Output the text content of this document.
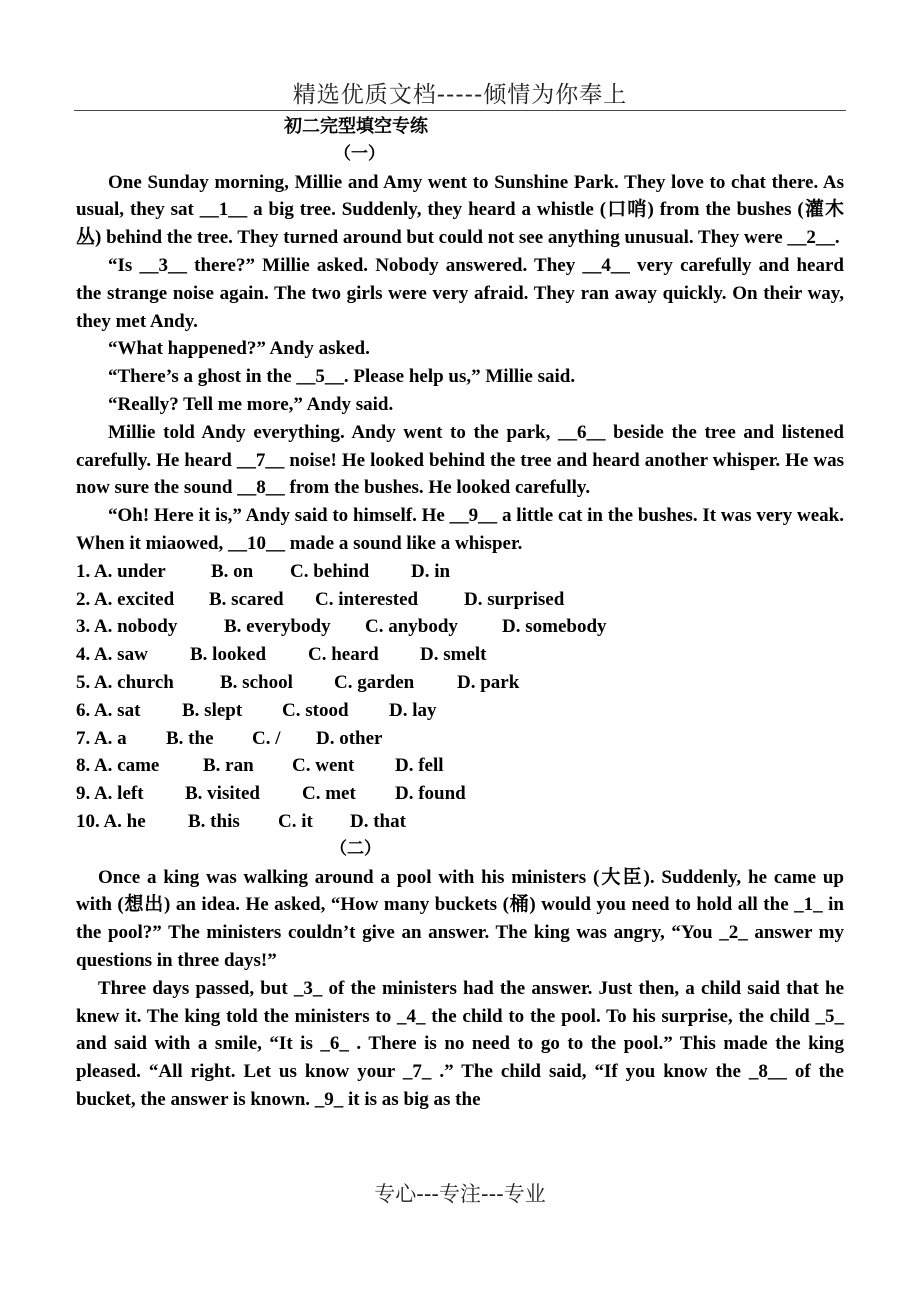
精选优质文档-----倾情为你奉上
初二完型填空专练
（一）

One Sunday morning, Millie and Amy went to Sunshine Park. They love to chat there. As usual, they sat __1__ a big tree. Suddenly, they heard a whistle (口哨) from the bushes (灌木丛) behind the tree. They turned around but could not see anything unusual. They were __2__.

“Is __3__ there?” Millie asked. Nobody answered. They __4__ very carefully and heard the strange noise again. The two girls were very afraid. They ran away quickly. On their way, they met Andy.

“What happened?” Andy asked.

“There’s a ghost in the __5__. Please help us,” Millie said.

“Really? Tell me more,” Andy said.

Millie told Andy everything. Andy went to the park, __6__ beside the tree and listened carefully. He heard __7__ noise! He looked behind the tree and heard another whisper. He was now sure the sound __8__ from the bushes. He looked carefully.

“Oh! Here it is,” Andy said to himself. He __9__ a little cat in the bushes. It was very weak. When it miaowed, __10__ made a sound like a whisper.

1. A. under	B. on	C. behind	D. in
2. A. excited	B. scared	C. interested	D. surprised
3. A. nobody	B. everybody	C. anybody	D. somebody
4. A. saw	B. looked	C. heard	D. smelt
5. A. church	B. school	C. garden	D. park
6. A. sat	B. slept	C. stood	D. lay
7. A. a	B. the	C. /	D. other
8. A. came	B. ran	C. went	D. fell
9. A. left	B. visited	C. met	D. found
10. A. he	B. this	C. it	D. that
（二）

Once a king was walking around a pool with his ministers (大臣). Suddenly, he came up with (想出) an idea. He asked, “How many buckets (桶) would you need to hold all the _1_ in the pool?” The ministers couldn’t give an answer. The king was angry, “You _2_ answer my questions in three days!”

Three days passed, but _3_ of the ministers had the answer. Just then, a child said that he knew it. The king told the ministers to _4_ the child to the pool. To his surprise, the child _5_ and said with a smile, “It is _6_ . There is no need to go to the pool.” This made the king pleased. “All right. Let us know your _7_ .” The child said, “If you know the _8__ of the bucket, the answer is known. _9_ it is as big as the

专心---专注---专业
